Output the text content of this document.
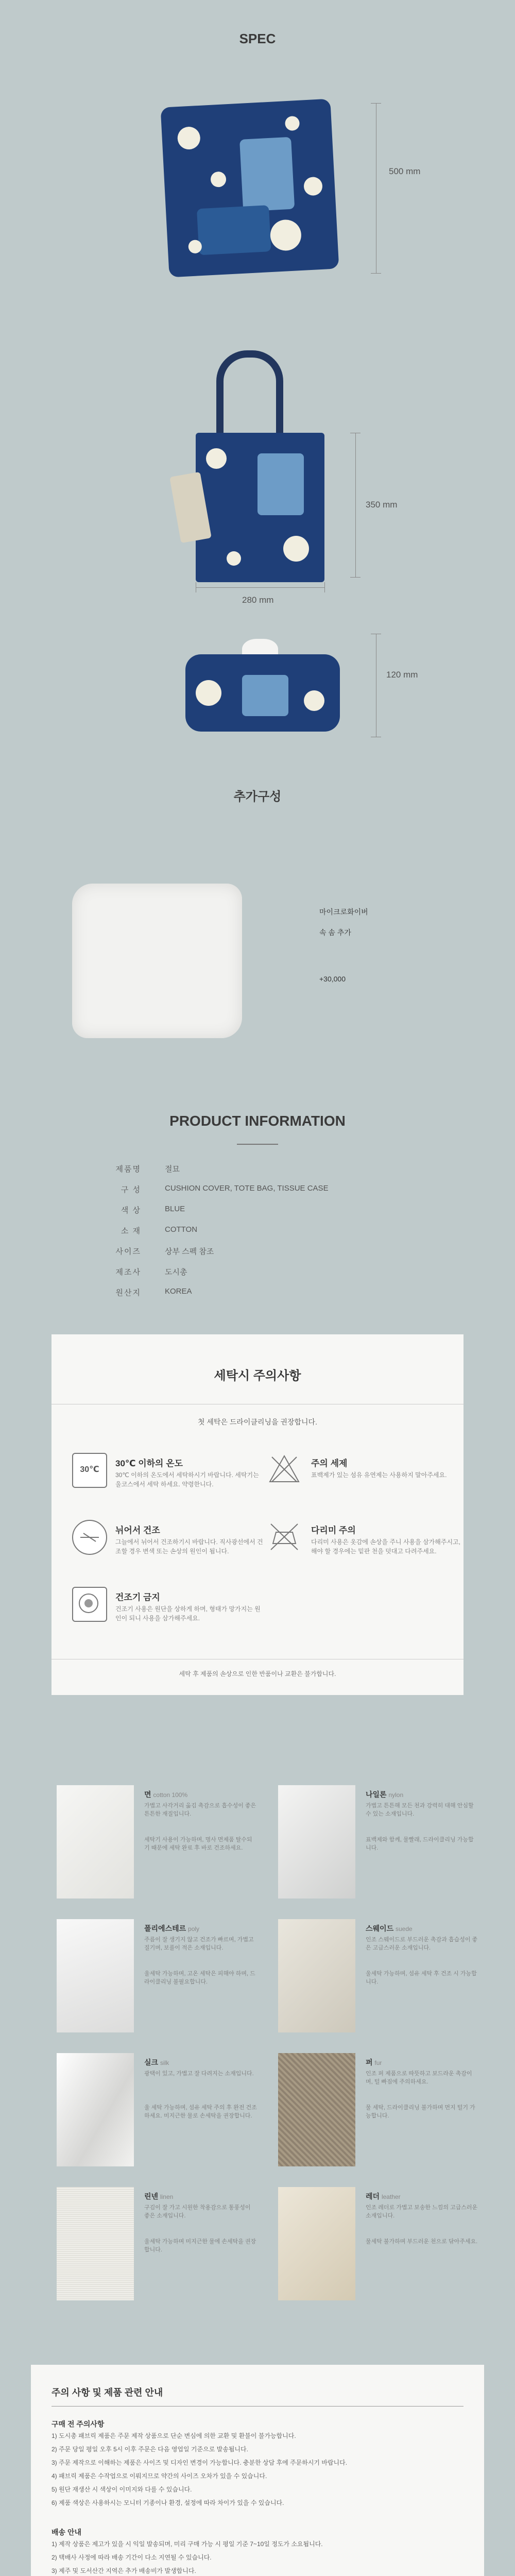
SPEC
500 mm
350 mm
280 mm
120 mm
추가구성
마이크로화이버
속 솜 추가
+30,000
PRODUCT INFORMATION
제품명	절묘
구 성	CUSHION COVER, TOTE BAG, TISSUE CASE
색 상	BLUE
소 재	COTTON
사이즈	상부 스펙 참조
제조사	도시총
원산지	KOREA
세탁시 주의사항
첫 세탁은 드라이클리닝을 권장합니다.
30℃
30℃ 이하의 온도
30℃ 이하의 온도에서 세탁하시기 바랍니다. 세탁기는 울코스에서 세탁 하세요. 약령한니다.
주의 세제
표백제가 있는 섬유 유연제는 사용하지 말아주세요.
뉘어서 건조
그늘에서 뉘어서 건조하기시 바랍니다. 직사광선에서 건조할 경우 변색 또는 손상의 원인이 됩니다.
다리미 주의
다리미 사용은 옷감에 손상을 주니 사용을 삼가해주시고, 해야 할 경우에는 밑판 천을 덧대고 다려주세요.
건조기 금지
건조기 사용은 원단을 상하게 하며, 형태가 망가지는 원인이 되니 사용을 삼가해주세요.
세탁 후 제품의 손상으로 인한 반품이나 교환은 불가합니다.
면 cotton 100%
가볍고 사각거리 옮김 촉감으로 흡수성이 좋은 튼튼한 재질입니다.
세탁기 사용이 가능하며, 명사 면제품 탈수되기 때문에 세탁 완료 후 바로 건조하세요.
나일론 nylon
가볍고 튼튼해 모든 천과 강력히 대해 안심할 수 있는 소재입니다.
표백제와 함께, 물빨래, 드라이클리닝 가능합니다.
폴리에스테르 poly
주름이 잘 생기지 않고 건조가 빠르며, 가볍고 질기며, 보풀이 적은 소재입니다.
울세탁 가능하며, 고온 세탁은 피해야 하며, 드라이클리닝 불필요합니다.
스웨이드 suede
인조 스웨이드로 부드러운 촉감과 흡습성이 좋은 고급스러운 소재입니다.
울세탁 가능하며, 섬유 세탁 후 건조 시 가능합니다.
실크 silk
광택이 있고, 가볍고 잘 다려지는 소재입니다.
울 세탁 가능하며, 섬유 세탁 주의 후 완전 건조하세요. 미지근한 물로 손세탁을 권장합니다.
퍼 fur
인조 퍼 제품으로 따뜻하고 보드라운 촉감이며, 털 빠짐에 주의하세요.
물 세탁, 드라이클리닝 불가하며 먼지 털기 가능합니다.
린넨 linen
구김이 잘 가고 시원한 착용감으로 통풍성이 좋은 소재입니다.
울세탁 가능하며 미지근한 물에 손세탁을 권장합니다.
레더 leather
인조 레더로 가볍고 보송한 느낌의 고급스러운 소재입니다.
물세탁 불가하며 부드러운 천으로 닦아주세요.
주의 사항 및 제품 관련 안내
구매 전 주의사항
1) 도시총 패브릭 제품은 주문 제작 상품으로 단순 변심에 의한 교환 및 환불이 불가능합니다.
2) 주문 당일 평일 오후 5시 이후 주문은 다음 영업일 기준으로 발송됩니다.
3) 주문 제작으로 이해하는 제품은 사이즈 및 디자인 변경이 가능합니다. 충분한 상담 후에 주문하시기 바랍니다.
4) 패브릭 제품은 수작업으로 이뤄지므로 약간의 사이즈 오차가 있을 수 있습니다.
5) 원단 재생산 시 색상이 이미지와 다를 수 있습니다.
6) 제품 색상은 사용하시는 모니터 기종이나 환경, 설정에 따라 차이가 있을 수 있습니다.
배송 안내
1) 제작 상품은 제고가 있을 시 익일 발송되며, 미리 구매 가능 시 평일 기준 7~10일 정도가 소요됩니다.
2) 택배사 사정에 따라 배송 기간이 다소 지연될 수 있습니다.
3) 제주 및 도서산간 지역은 추가 배송비가 발생합니다.
